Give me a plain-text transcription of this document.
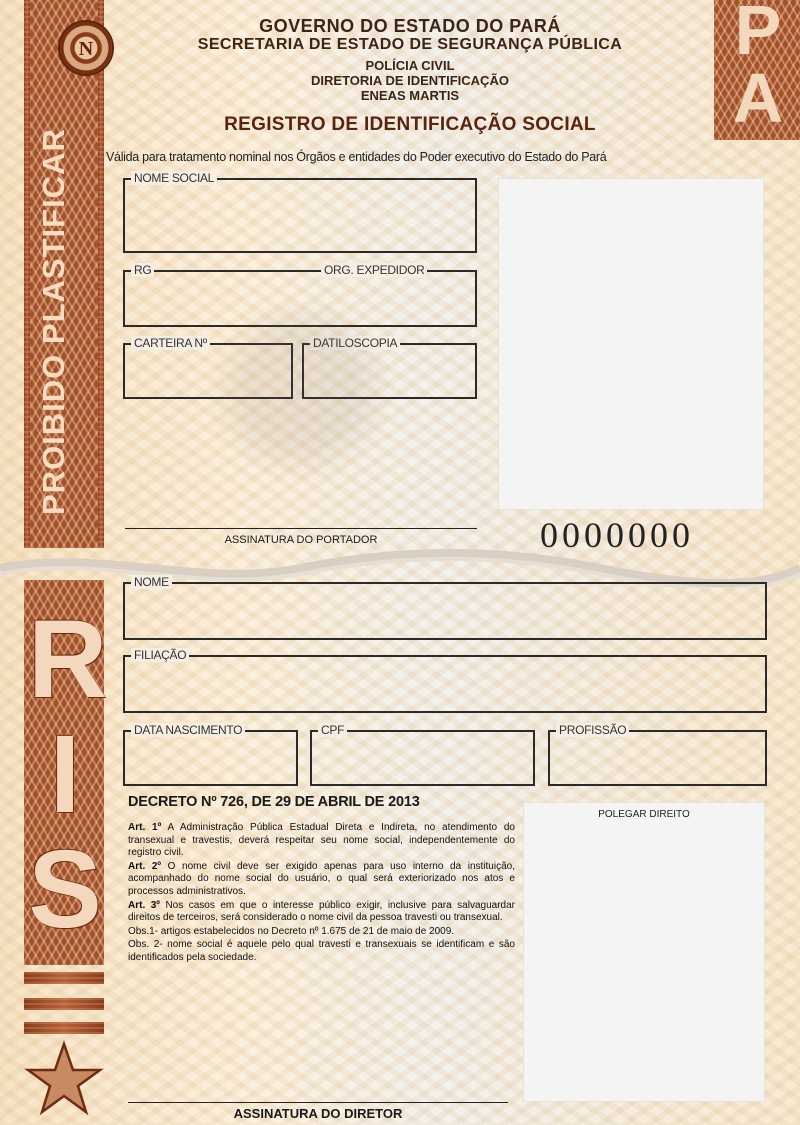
N
PROIBIDO PLASTIFICAR
P
A
GOVERNO DO ESTADO DO PARÁ
SECRETARIA DE ESTADO DE SEGURANÇA PÚBLICA
POLÍCIA CIVIL
DIRETORIA DE IDENTIFICAÇÃO
ENEAS MARTIS
REGISTRO DE IDENTIFICAÇÃO SOCIAL
Válida para tratamento nominal nos Órgãos e entidades do Poder executivo do Estado do Pará
NOME SOCIAL
RG	ORG. EXPEDIDOR
CARTEIRA Nº	DATILOSCOPIA
ASSINATURA DO PORTADOR	0000000
R
I
S
NOME
FILIAÇÃO
DATA NASCIMENTO	CPF	PROFISSÃO
DECRETO Nº 726, DE 29 DE ABRIL DE 2013

Art. 1º A Administração Pública Estadual Direta e Indireta, no atendimento do transexual e travestis, deverá respeitar seu nome social, independentemente do registro civil.

Art. 2º O nome civil deve ser exigido apenas para uso interno da instituição, acompanhado do nome social do usuário, o qual será exteriorizado nos atos e processos administrativos.

Art. 3º Nos casos em que o interesse público exigir, inclusive para salvaguardar direitos de terceiros, será considerado o nome civil da pessoa travesti ou transexual.

Obs.1- artigos estabelecidos no Decreto nº 1.675 de 21 de maio de 2009.

Obs. 2- nome social é aquele pelo qual travesti e transexuais se identificam e são identificados pela sociedade.

POLEGAR DIREITO
ASSINATURA DO DIRETOR
